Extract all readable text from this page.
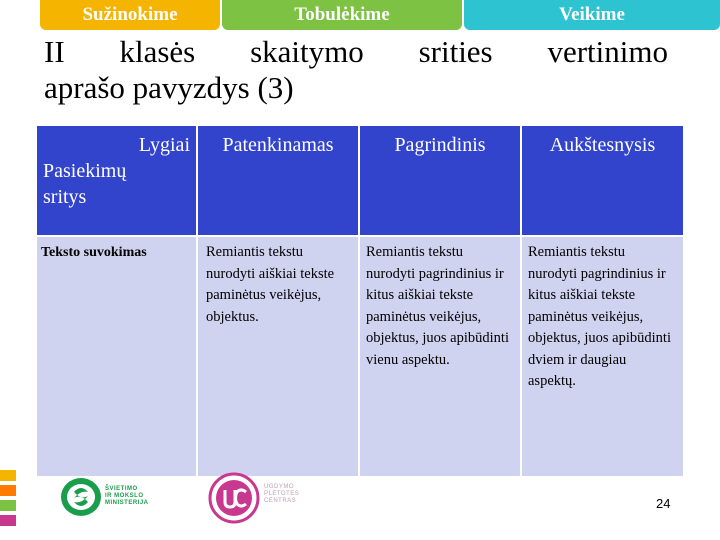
Sužinokime	Tobulėkime	Veikime
II klasės skaitymo srities vertinimo
aprašo pavyzdys (3)
Lygiai
Pasiekimų
sritys	Patenkinamas	Pagrindinis	Aukštesnysis
Teksto suvokimas	Remiantis tekstu nurodyti aiškiai tekste paminėtus veikėjus, objektus.	Remiantis tekstu nurodyti pagrindinius ir kitus aiškiai tekste paminėtus veikėjus, objektus, juos apibūdinti vienu aspektu.	Remiantis tekstu nurodyti pagrindinius ir kitus aiškiai tekste paminėtus veikėjus, objektus, juos apibūdinti dviem ir daugiau aspektų.
ŠVIETIMO
IR MOKSLO
MINISTERIJA
UGDYMO
PLĖTOTĖS
CENTRAS	24
